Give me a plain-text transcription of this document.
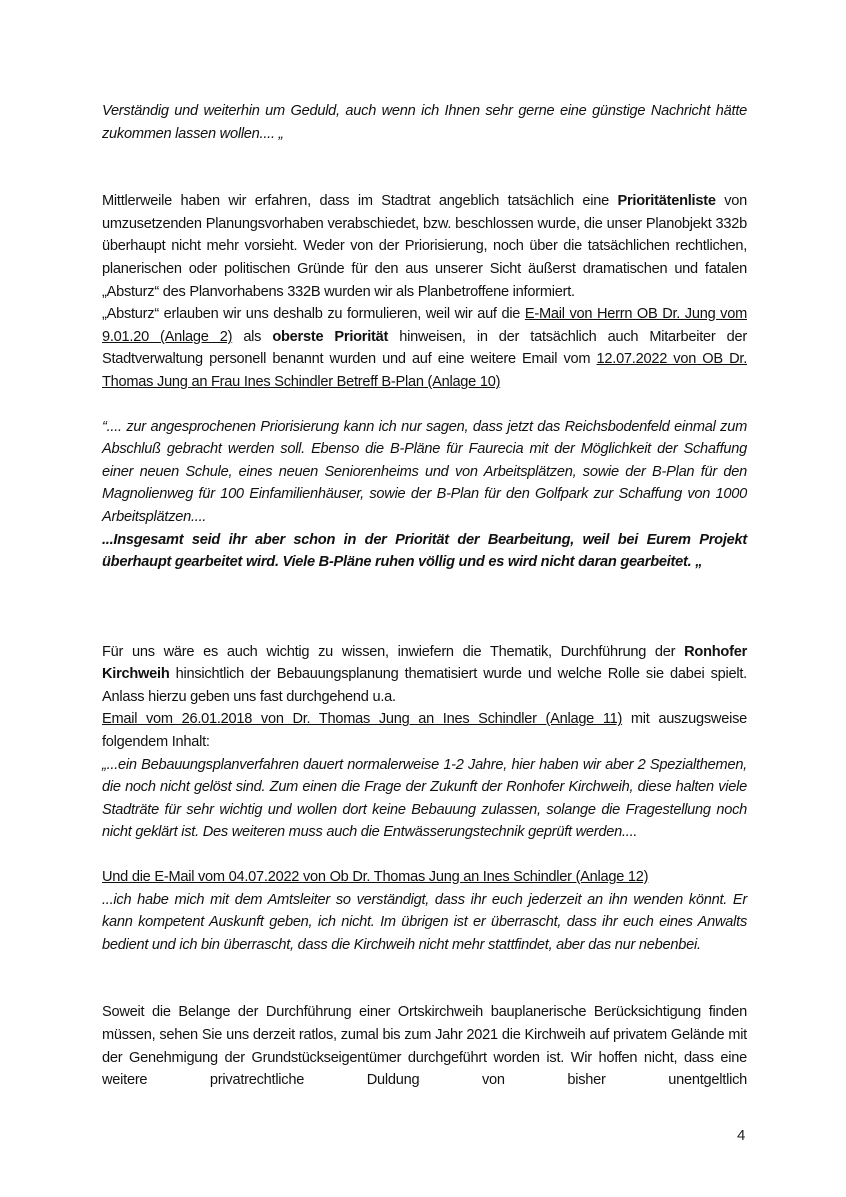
Verständig und weiterhin um Geduld, auch wenn ich Ihnen sehr gerne eine günstige Nachricht hätte zukommen lassen wollen.... „

Mittlerweile haben wir erfahren, dass im Stadtrat angeblich tatsächlich eine Prioritätenliste von umzusetzenden Planungsvorhaben verabschiedet, bzw. beschlossen wurde, die unser Planobjekt 332b überhaupt nicht mehr vorsieht. Weder von der Priorisierung, noch über die tatsächlichen rechtlichen, planerischen oder politischen Gründe für den aus unserer Sicht äußerst dramatischen und fatalen „Absturz“ des Planvorhabens 332B wurden wir als Planbetroffene informiert.

„Absturz“ erlauben wir uns deshalb zu formulieren, weil wir auf die E-Mail von Herrn OB Dr. Jung vom 9.01.20 (Anlage 2) als oberste Priorität hinweisen, in der tatsächlich auch Mitarbeiter der Stadtverwaltung personell benannt wurden und auf eine weitere Email vom 12.07.2022 von OB Dr. Thomas Jung an Frau Ines Schindler Betreff B-Plan (Anlage 10)

“.... zur angesprochenen Priorisierung kann ich nur sagen, dass jetzt das Reichsbodenfeld einmal zum Abschluß gebracht werden soll. Ebenso die B-Pläne für Faurecia mit der Möglichkeit der Schaffung einer neuen Schule, eines neuen Seniorenheims und von Arbeitsplätzen, sowie der B-Plan für den Magnolienweg für 100 Einfamilienhäuser, sowie der B-Plan für den Golfpark zur Schaffung von 1000 Arbeitsplätzen....

...Insgesamt seid ihr aber schon in der Priorität der Bearbeitung, weil bei Eurem Projekt überhaupt gearbeitet wird. Viele B-Pläne ruhen völlig und es wird nicht daran gearbeitet. „

Für uns wäre es auch wichtig zu wissen, inwiefern die Thematik, Durchführung der Ronhofer Kirchweih hinsichtlich der Bebauungsplanung thematisiert wurde und welche Rolle sie dabei spielt. Anlass hierzu geben uns fast durchgehend u.a.

Email vom 26.01.2018 von Dr. Thomas Jung an Ines Schindler (Anlage 11) mit auszugsweise folgendem Inhalt:

„...ein Bebauungsplanverfahren dauert normalerweise 1-2 Jahre, hier haben wir aber 2 Spezialthemen, die noch nicht gelöst sind. Zum einen die Frage der Zukunft der Ronhofer Kirchweih, diese halten viele Stadträte für sehr wichtig und wollen dort keine Bebauung zulassen, solange die Fragestellung noch nicht geklärt ist. Des weiteren muss auch die Entwässerungstechnik geprüft werden....

Und die E-Mail vom 04.07.2022 von Ob Dr. Thomas Jung an Ines Schindler (Anlage 12)

...ich habe mich mit dem Amtsleiter so verständigt, dass ihr euch jederzeit an ihn wenden könnt. Er kann kompetent Auskunft geben, ich nicht. Im übrigen ist er überrascht, dass ihr euch eines Anwalts bedient und ich bin überrascht, dass die Kirchweih nicht mehr stattfindet, aber das nur nebenbei.

Soweit die Belange der Durchführung einer Ortskirchweih bauplanerische Berücksichtigung finden müssen, sehen Sie uns derzeit ratlos, zumal bis zum Jahr 2021 die Kirchweih auf privatem Gelände mit der Genehmigung der Grundstückseigentümer durchgeführt worden ist. Wir hoffen nicht, dass eine weitere privatrechtliche Duldung von bisher unentgeltlich

4
